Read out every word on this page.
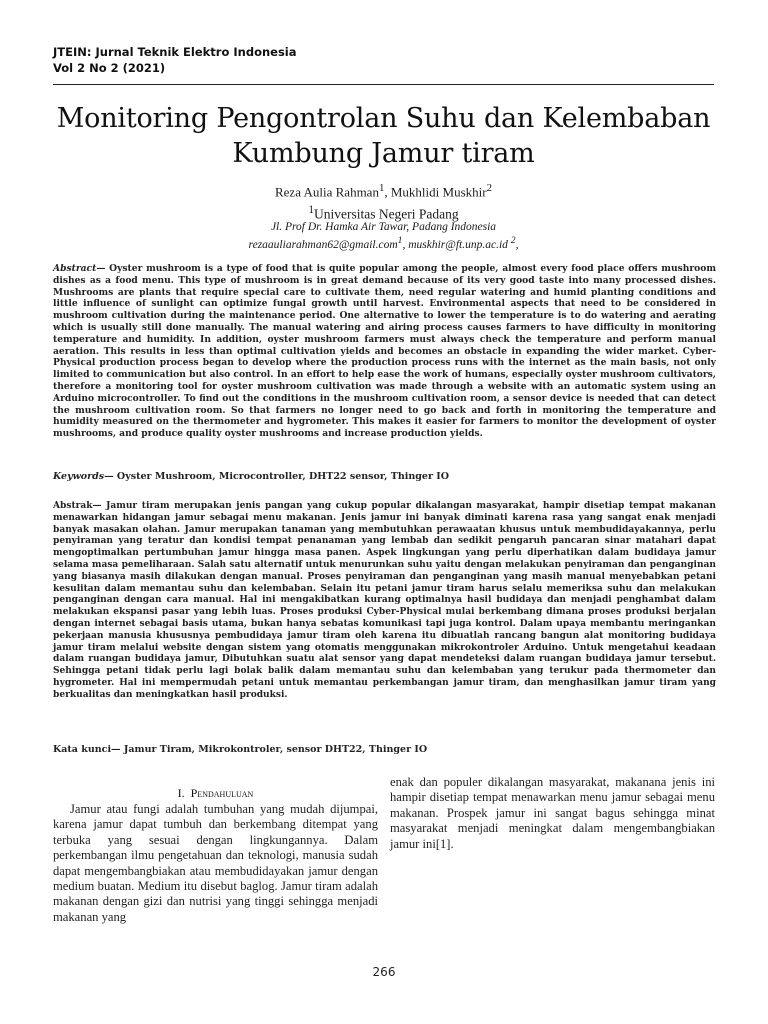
JTEIN: Jurnal Teknik Elektro Indonesia
Vol 2 No 2 (2021)
Monitoring Pengontrolan Suhu dan Kelembaban
Kumbung Jamur tiram
Reza Aulia Rahman$^1$, Mukhlidi Muskhir$^2$
$^1$Universitas Negeri Padang
Jl. Prof Dr. Hamka Air Tawar, Padang Indonesia
rezaauliarahman62@gmail.com$^1$, muskhir@ft.unp.ac.id $^2$,
Abstract— Oyster mushroom is a type of food that is quite popular among the people, almost every food place offers mushroom dishes as a food menu. This type of mushroom is in great demand because of its very good taste into many processed dishes. Mushrooms are plants that require special care to cultivate them, need regular watering and humid planting conditions and little influence of sunlight can optimize fungal growth until harvest. Environmental aspects that need to be considered in mushroom cultivation during the maintenance period. One alternative to lower the temperature is to do watering and aerating which is usually still done manually. The manual watering and airing process causes farmers to have difficulty in monitoring temperature and humidity. In addition, oyster mushroom farmers must always check the temperature and perform manual aeration. This results in less than optimal cultivation yields and becomes an obstacle in expanding the wider market. Cyber-Physical production process began to develop where the production process runs with the internet as the main basis, not only limited to communication but also control. In an effort to help ease the work of humans, especially oyster mushroom cultivators, therefore a monitoring tool for oyster mushroom cultivation was made through a website with an automatic system using an Arduino microcontroller. To find out the conditions in the mushroom cultivation room, a sensor device is needed that can detect the mushroom cultivation room. So that farmers no longer need to go back and forth in monitoring the temperature and humidity measured on the thermometer and hygrometer. This makes it easier for farmers to monitor the development of oyster mushrooms, and produce quality oyster mushrooms and increase production yields.
Keywords— Oyster Mushroom, Microcontroller, DHT22 sensor, Thinger IO
Abstrak— Jamur tiram merupakan jenis pangan yang cukup popular dikalangan masyarakat, hampir disetiap tempat makanan menawarkan hidangan jamur sebagai menu makanan. Jenis jamur ini banyak diminati karena rasa yang sangat enak menjadi banyak masakan olahan. Jamur merupakan tanaman yang membutuhkan perawaatan khusus untuk membudidayakannya, perlu penyiraman yang teratur dan kondisi tempat penanaman yang lembab dan sedikit pengaruh pancaran sinar matahari dapat mengoptimalkan pertumbuhan jamur hingga masa panen. Aspek lingkungan yang perlu diperhatikan dalam budidaya jamur selama masa pemeliharaan. Salah satu alternatif untuk menurunkan suhu yaitu dengan melakukan penyiraman dan penganginan yang biasanya masih dilakukan dengan manual. Proses penyiraman dan penganginan yang masih manual menyebabkan petani kesulitan dalam memantau suhu dan kelembaban. Selain itu petani jamur tiram harus selalu memeriksa suhu dan melakukan penganginan dengan cara manual. Hal ini mengakibatkan kurang optimalnya hasil budidaya dan menjadi penghambat dalam melakukan ekspansi pasar yang lebih luas. Proses produksi Cyber-Physical mulai berkembang dimana proses produksi berjalan dengan internet sebagai basis utama, bukan hanya sebatas komunikasi tapi juga kontrol. Dalam upaya membantu meringankan pekerjaan manusia khususnya pembudidaya jamur tiram oleh karena itu dibuatlah rancang bangun alat monitoring budidaya jamur tiram melalui website dengan sistem yang otomatis menggunakan mikrokontroler Arduino. Untuk mengetahui keadaan dalam ruangan budidaya jamur, Dibutuhkan suatu alat sensor yang dapat mendeteksi dalam ruangan budidaya jamur tersebut. Sehingga petani tidak perlu lagi bolak balik dalam memantau suhu dan kelembaban yang terukur pada thermometer dan hygrometer. Hal ini mempermudah petani untuk memantau perkembangan jamur tiram, dan menghasilkan jamur tiram yang berkualitas dan meningkatkan hasil produksi.
Kata kunci— Jamur Tiram, Mikrokontroler, sensor DHT22, Thinger IO
I. Pendahuluan
Jamur atau fungi adalah tumbuhan yang mudah dijumpai, karena jamur dapat tumbuh dan berkembang ditempat yang terbuka yang sesuai dengan lingkungannya. Dalam perkembangan ilmu pengetahuan dan teknologi, manusia sudah dapat mengembangbiakan atau membudidayakan jamur dengan medium buatan. Medium itu disebut baglog. Jamur tiram adalah makanan dengan gizi dan nutrisi yang tinggi sehingga menjadi makanan yang
enak dan populer dikalangan masyarakat, makanana jenis ini hampir disetiap tempat menawarkan menu jamur sebagai menu makanan. Prospek jamur ini sangat bagus sehingga minat masyarakat menjadi meningkat dalam mengembangbiakan jamur ini[1].
266
